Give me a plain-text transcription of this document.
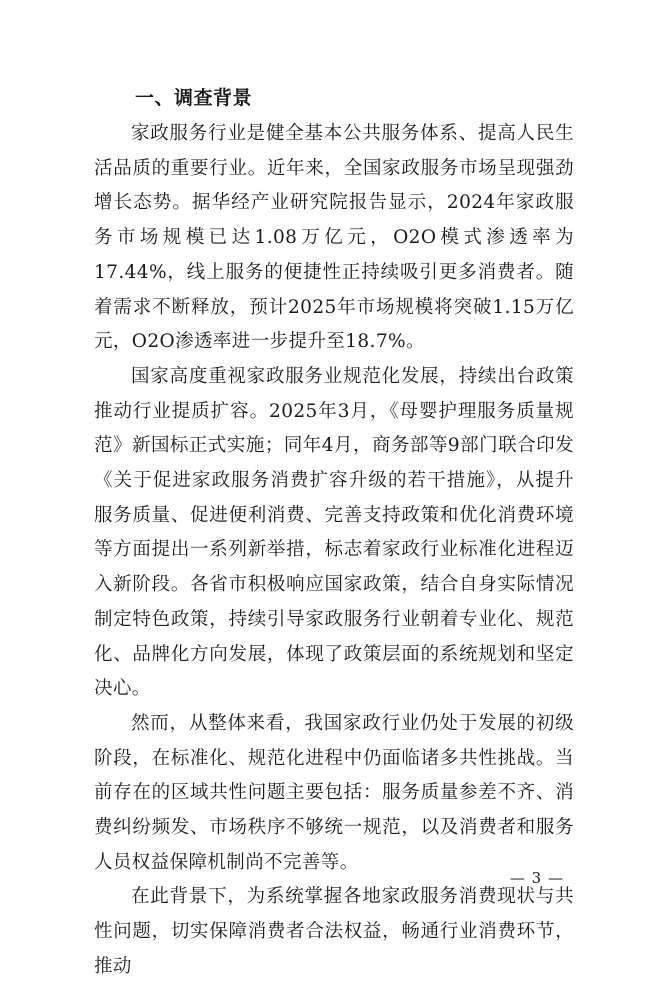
一、调查背景

家政服务行业是健全基本公共服务体系、提高人民生活品质的重要行业。近年来，全国家政服务市场呈现强劲增长态势。据华经产业研究院报告显示，2024年家政服务市场规模已达1.08万亿元，O2O模式渗透率为17.44%，线上服务的便捷性正持续吸引更多消费者。随着需求不断释放，预计2025年市场规模将突破1.15万亿元，O2O渗透率进一步提升至18.7%。

国家高度重视家政服务业规范化发展，持续出台政策推动行业提质扩容。2025年3月，《母婴护理服务质量规范》新国标正式实施；同年4月，商务部等9部门联合印发《关于促进家政服务消费扩容升级的若干措施》，从提升服务质量、促进便利消费、完善支持政策和优化消费环境等方面提出一系列新举措，标志着家政行业标准化进程迈入新阶段。各省市积极响应国家政策，结合自身实际情况制定特色政策，持续引导家政服务行业朝着专业化、规范化、品牌化方向发展，体现了政策层面的系统规划和坚定决心。

然而，从整体来看，我国家政行业仍处于发展的初级阶段，在标准化、规范化进程中仍面临诸多共性挑战。当前存在的区域共性问题主要包括：服务质量参差不齐、消费纠纷频发、市场秩序不够统一规范，以及消费者和服务人员权益保障机制尚不完善等。

在此背景下，为系统掌握各地家政服务消费现状与共性问题，切实保障消费者合法权益，畅通行业消费环节，推动

— 3 —
